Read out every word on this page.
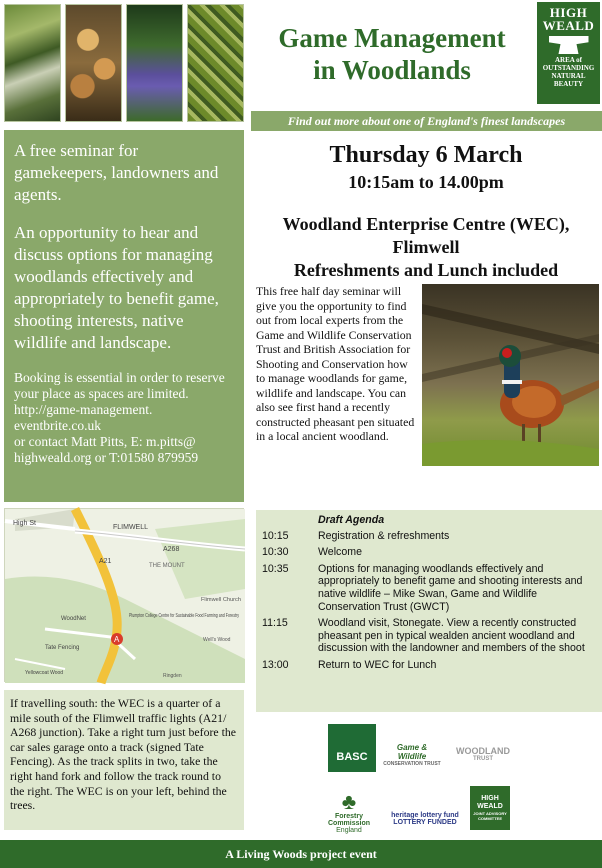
A free seminar for gamekeepers, landowners and agents.

An opportunity to hear and discuss options for managing woodlands effectively and appropriately to benefit game, shooting interests, native wildlife and landscape.

Booking is essential in order to reserve your place as spaces are limited.

http://game-management.

eventbrite.co.uk

or contact Matt Pitts, E: m.pitts@

highweald.org or T:01580 879959

A
High St
FLIMWELL
A268
A21
THE MOUNT
WoodNet	Plumpton College Centre for Sustainable Food Farming and Forestry
Flimwell Church
Well's Wood
Tate Fencing
Yellowcoat Wood	Ringden
If travelling south: the WEC is a quarter of a mile south of the Flimwell traffic lights (A21/ A268 junction). Take a right turn just before the car sales garage onto a track (signed Tate Fencing). As the track splits in two, take the right hand fork and follow the track round to the right. The WEC is on your left, behind the trees.
Game Management
in Woodlands
HIGH
WEALD
AREA of
OUTSTANDING
NATURAL
BEAUTY
Find out more about one of England's finest landscapes
Thursday 6 March
10:15am to 14.00pm
Woodland Enterprise Centre (WEC),
Flimwell
Refreshments and Lunch included
This free half day seminar will give you the opportunity to find out from local experts from the Game and Wildlife Conservation Trust and British Association for Shooting and Conservation how to manage woodlands for game, wildlife and landscape. You can also see first hand a recently constructed pheasant pen situated in a local ancient woodland.
Draft Agenda
10:15	Registration & refreshments
10:30	Welcome
10:35	Options for managing woodlands effectively and appropriately to benefit game and shooting interests and native wildlife – Mike Swan, Game and Wildlife Conservation Trust (GWCT)
11:15	Woodland visit, Stonegate. View a recently constructed pheasant pen in typical wealden ancient woodland and discussion with the landowner and members of the shoot
13:00	Return to WEC for Lunch
BASC
Game & Wildlife
CONSERVATION TRUST
WOODLAND
TRUST
♣
Forestry Commission
England
heritage lottery fund
LOTTERY FUNDED
HIGH
WEALD
JOINT ADVISORY COMMITTEE
A Living Woods project event
